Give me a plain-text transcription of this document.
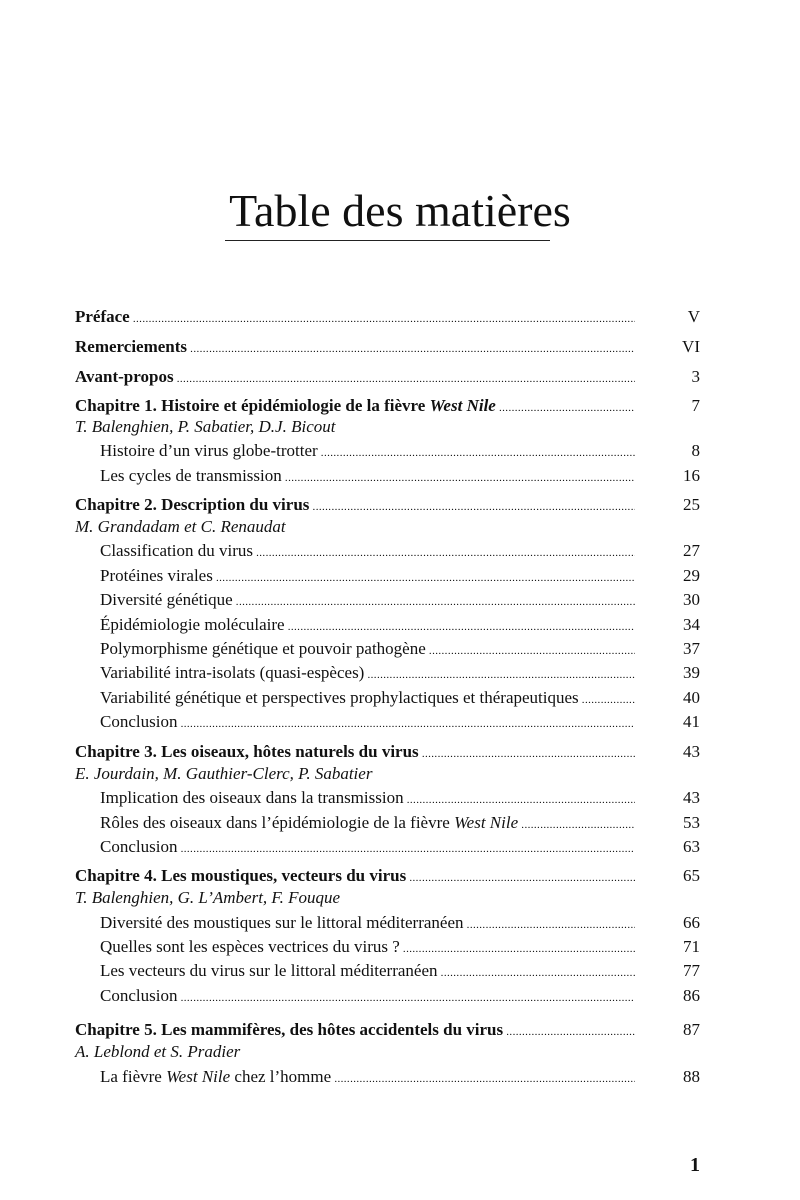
Table des matières
Préface .....	V
Remerciements .....	VI
Avant-propos .....	3
Chapitre 1. Histoire et épidémiologie de la fièvre West Nile .....	7
T. Balenghien, P. Sabatier, D.J. Bicout
Histoire d’un virus globe-trotter .....	8
Les cycles de transmission .....	16
Chapitre 2. Description du virus .....	25
M. Grandadam et C. Renaudat
Classification du virus .....	27
Protéines virales .....	29
Diversité génétique .....	30
Épidémiologie moléculaire .....	34
Polymorphisme génétique et pouvoir pathogène .....	37
Variabilité intra-isolats (quasi-espèces) .....	39
Variabilité génétique et perspectives prophylactiques et thérapeutiques .....	40
Conclusion .....	41
Chapitre 3. Les oiseaux, hôtes naturels du virus .....	43
E. Jourdain, M. Gauthier-Clerc, P. Sabatier
Implication des oiseaux dans la transmission .....	43
Rôles des oiseaux dans l’épidémiologie de la fièvre West Nile .....	53
Conclusion .....	63
Chapitre 4. Les moustiques, vecteurs du virus .....	65
T. Balenghien, G. L’Ambert, F. Fouque
Diversité des moustiques sur le littoral méditerranéen .....	66
Quelles sont les espèces vectrices du virus ? .....	71
Les vecteurs du virus sur le littoral méditerranéen .....	77
Conclusion .....	86
Chapitre 5. Les mammifères, des hôtes accidentels du virus .....	87
A. Leblond et S. Pradier
La fièvre West Nile chez l’homme .....	88
1
